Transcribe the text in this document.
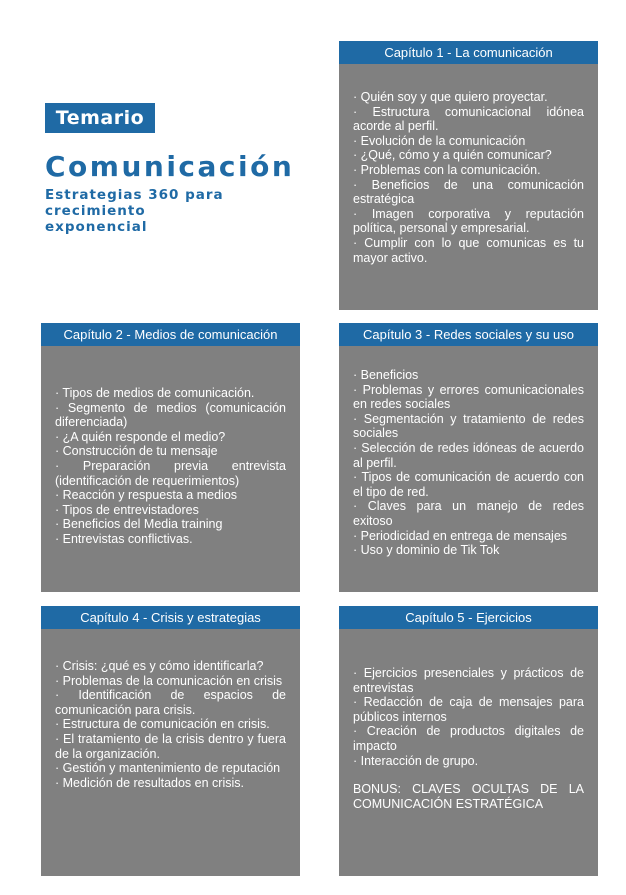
Temario
Comunicación
Estrategias 360 para crecimiento exponencial
Capítulo 1 - La comunicación

· Quién soy y que quiero proyectar.

· Estructura comunicacional idónea acorde al perfil.

· Evolución de la comunicación

· ¿Qué, cómo y a quién comunicar?

· Problemas con la comunicación.

· Beneficios de una comunicación estratégica

· Imagen corporativa y reputación política, personal y empresarial.

· Cumplir con lo que comunicas es tu mayor activo.

Capítulo 2 - Medios de comunicación

· Tipos de medios de comunicación.

· Segmento de medios (comunicación diferenciada)

· ¿A quién responde el medio?

· Construcción de tu mensaje

· Preparación previa entrevista (identificación de requerimientos)

· Reacción y respuesta a medios

· Tipos de entrevistadores

· Beneficios del Media training

· Entrevistas conflictivas.

Capítulo 3 - Redes sociales y su uso

· Beneficios

· Problemas y errores comunicacionales en redes sociales

· Segmentación y tratamiento de redes sociales

· Selección de redes idóneas de acuerdo al perfil.

· Tipos de comunicación de acuerdo con el tipo de red.

· Claves para un manejo de redes exitoso

· Periodicidad en entrega de mensajes

· Uso y dominio de Tik Tok

Capítulo 4 - Crisis y estrategias

· Crisis: ¿qué es y cómo identificarla?

· Problemas de la comunicación en crisis

· Identificación de espacios de comunicación para crisis.

· Estructura de comunicación en crisis.

· El tratamiento de la crisis dentro y fuera de la organización.

· Gestión y mantenimiento de reputación

· Medición de resultados en crisis.

Capítulo 5 - Ejercicios

· Ejercicios presenciales y prácticos de entrevistas

· Redacción de caja de mensajes para públicos internos

· Creación de productos digitales de impacto

· Interacción de grupo.

BONUS: CLAVES OCULTAS DE LA COMUNICACIÓN ESTRATÉGICA
